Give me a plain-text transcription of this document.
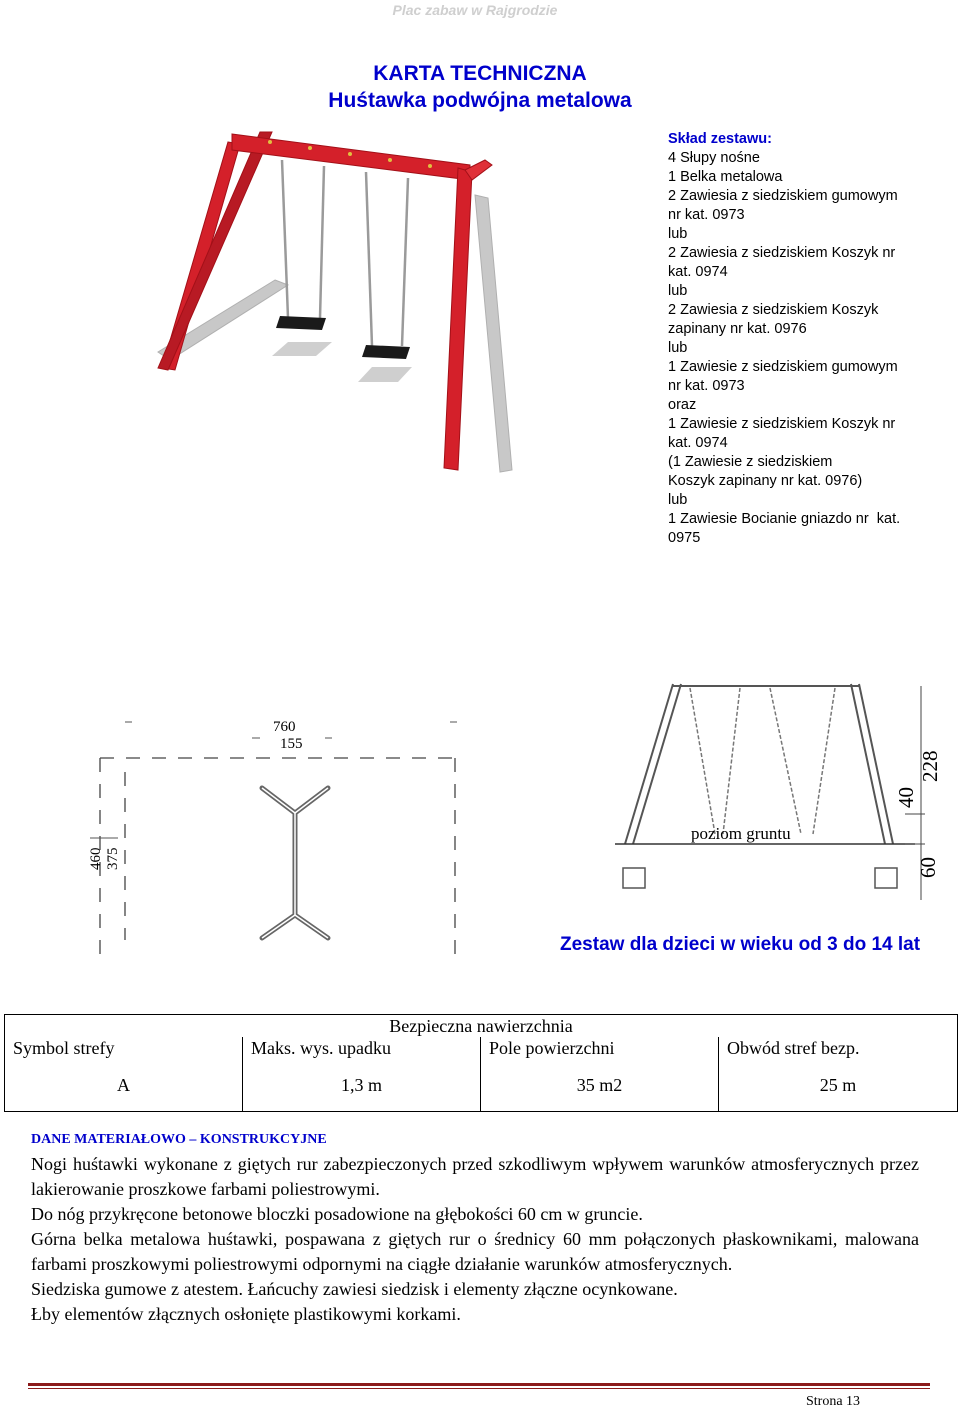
Plac zabaw w Rajgrodzie
KARTA TECHNICZNA
Huśtawka podwójna metalowa
Skład zestawu:
4 Słupy nośne
1 Belka metalowa
2 Zawiesia z siedziskiem gumowym
nr kat. 0973
lub
2 Zawiesia z siedziskiem Koszyk nr
kat. 0974
lub
2 Zawiesia z siedziskiem Koszyk
zapinany nr kat. 0976
lub
1 Zawiesie z siedziskiem gumowym
nr kat. 0973
oraz
1 Zawiesie z siedziskiem Koszyk nr
kat. 0974
(1 Zawiesie z siedziskiem
Koszyk zapinany nr kat. 0976)
lub
1 Zawiesie Bocianie gniazdo nr  kat.
0975
760
155
460 375
poziom gruntu
228
40
60
Zestaw dla dzieci w wieku od 3 do 14 lat
Bezpieczna nawierzchnia			
Symbol strefy	Maks. wys. upadku	Pole powierzchni	Obwód stref bezp.
A	1,3 m	35 m2	25 m
DANE MATERIAŁOWO – KONSTRUKCYJNE

Nogi huśtawki wykonane z giętych rur zabezpieczonych przed szkodliwym wpływem warunków atmosferycznych przez lakierowanie proszkowe farbami poliestrowymi.

Do nóg przykręcone betonowe bloczki posadowione na głębokości 60 cm w gruncie.

Górna belka metalowa huśtawki, pospawana z giętych rur o średnicy 60 mm połączonych płaskownikami, malowana farbami proszkowymi poliestrowymi odpornymi na ciągłe działanie warunków atmosferycznych.

Siedziska gumowe z atestem. Łańcuchy zawiesi siedzisk i elementy złączne ocynkowane.

Łby elementów złącznych osłonięte plastikowymi korkami.

Strona 13
